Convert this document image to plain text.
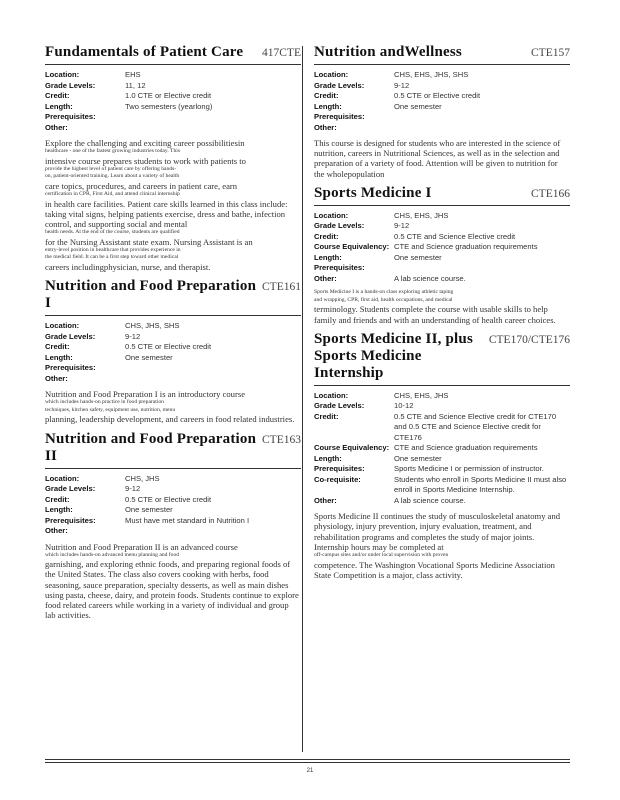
Fundamentals of Patient Care 417CTE
Location:	EHS
Grade Levels:	11, 12
Credit:	1.0 CTE or Elective credit
Length:	Two semesters (yearlong)
Prerequisites:
Other:
Explore the challenging and exciting career possibilitiesin
healthcare - one of the fastest growing industries today. This
intensive course prepares students to work with patients to
provide the highest level of patient care by offering hands-
on, patient-oriented training. Learn about a variety of health
care topics, procedures, and careers in patient care, earn
certification in CPR, First Aid, and attend clinical internship
in health care facilities. Patient care skills learned in this class include: taking vital signs, helping patients exercise, dress and bathe, infection control, and supporting social and mental
health needs. At the end of the course, students are qualified
for the Nursing Assistant state exam. Nursing Assistant is an
entry-level position in healthcare that provides experience in
the medical field. It can be a first step toward other medical
careers includingphysician, nurse, and therapist.
Nutrition and Food Preparation I
CTE161
Location:	CHS, JHS, SHS
Grade Levels:	9-12
Credit:	0.5 CTE or Elective credit
Length:	One semester
Prerequisites:
Other:
Nutrition and Food Preparation I is an introductory course
which includes hands-on practice in food preparation
techniques, kitchen safety, equipment use, nutrition, menu
planning, leadership development, and careers in food related industries.
Nutrition and Food Preparation II
CTE163
Location:	CHS, JHS
Grade Levels:	9-12
Credit:	0.5 CTE or Elective credit
Length:	One semester
Prerequisites:	Must have met standard in Nutrition I
Other:
Nutrition and Food Preparation II is an advanced course
which includes hands-on advanced menu planning and food
garnishing, and exploring ethnic foods, and preparing regional foods of the United States. The class also covers cooking with herbs, food seasoning, sauce preparation, specialty desserts, as well as main dishes using pasta, cheese, dairy, and protein foods. Students continue to explore food related careers while working in a variety of individual and group lab activities.
Nutrition andWellness	CTE157
Location:	CHS, EHS, JHS, SHS
Grade Levels:	9-12
Credit:	0.5 CTE or Elective credit
Length:	One semester
Prerequisites:
Other:
This course is designed for students who are interested in the science of nutrition, careers in Nutritional Sciences, as well as in the selection and preparation of a variety of food. Attention will be given to nutrition for the wholepopulation
Sports Medicine I	CTE166
Location:	CHS, EHS, JHS
Grade Levels:	9-12
Credit:	0.5 CTE and Science Elective credit
Course Equivalency: CTE and Science graduation requirements
Length:	One semester
Prerequisites:
Other:	A lab science course.
Sports Medicine I is a hands-on class exploring athletic taping
and wrapping, CPR, first aid, health occupations, and medical
terminology. Students complete the course with usable skills to help family and friends and with an understanding of health career choices.
Sports Medicine II, plus
Sports Medicine Internship
CTE170/CTE176
Location:	CHS, EHS, JHS
Grade Levels:	10-12
Credit:	0.5 CTE and Science Elective credit for CTE170 and 0.5 CTE and Science Elective credit for CTE176
Course Equivalency: CTE and Science graduation requirements
Length:	One semester
Prerequisites:	Sports Medicine I or permission of instructor.
Co-requisite:	Students who enroll in Sports Medicine II must also enroll in Sports Medicine Internship.
Other:	A lab science course.
Sports Medicine II continues the study of musculoskeletal anatomy and physiology, injury prevention, injury evaluation, treatment, and rehabilitation programs and completes the study of major joints. Internship hours may be completed at
off-campus sites and/or under local supervision with proven
competence. The Washington Vocational Sports Medicine Association State Competition is a major, class activity.
21
